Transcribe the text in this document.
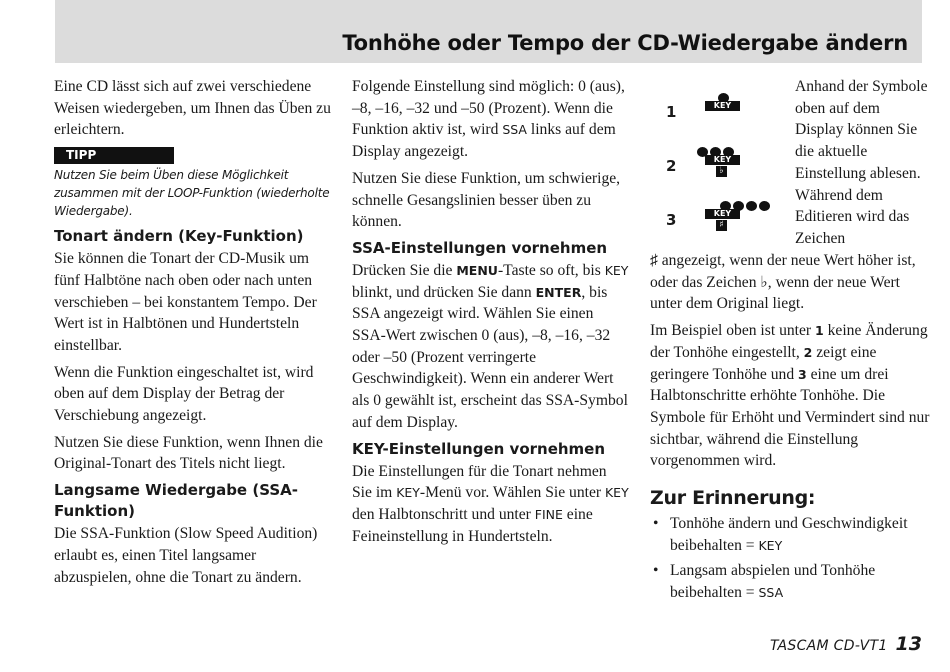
Tonhöhe oder Tempo der CD-Wiedergabe ändern

Eine CD lässt sich auf zwei verschiedene Weisen wiedergeben, um Ihnen das Üben zu erleichtern.

TIPP
Nutzen Sie beim Üben diese Möglichkeit zusammen mit der LOOP-Funktion (wiederholte Wiedergabe).
Tonart ändern (Key-Funktion)

Sie können die Tonart der CD-Musik um fünf Halbtöne nach oben oder nach unten verschieben – bei konstantem Tempo. Der Wert ist in Halbtönen und Hundertsteln einstellbar.

Wenn die Funktion eingeschaltet ist, wird oben auf dem Display der Betrag der Verschiebung angezeigt.

Nutzen Sie diese Funktion, wenn Ihnen die Original-Tonart des Titels nicht liegt.

Langsame Wiedergabe (SSA-Funktion)

Die SSA-Funktion (Slow Speed Audition) erlaubt es, einen Titel langsamer abzuspielen, ohne die Tonart zu ändern.

Folgende Einstellung sind möglich: 0 (aus), –8, –16, –32 und –50 (Prozent). Wenn die Funktion aktiv ist, wird SSA links auf dem Display angezeigt.

Nutzen Sie diese Funktion, um schwierige, schnelle Gesangslinien besser üben zu können.

SSA-Einstellungen vornehmen

Drücken Sie die MENU-Taste so oft, bis KEY blinkt, und drücken Sie dann ENTER, bis SSA angezeigt wird. Wählen Sie einen SSA-Wert zwischen 0 (aus), –8, –16, –32 oder –50 (Prozent verringerte Geschwindigkeit). Wenn ein anderer Wert als 0 gewählt ist, erscheint das SSA-Symbol auf dem Display.

KEY-Einstellungen vornehmen

Die Einstellungen für die Tonart nehmen Sie im KEY-Menü vor. Wählen Sie unter KEY den Halbtonschritt und unter FINE eine Feineinstellung in Hundertsteln.

1	KEY
2	KEY
♭
3	KEY
♯
Anhand der Symbole oben auf dem Display können Sie die aktuelle Einstellung ablesen. Während dem Editieren wird das Zeichen

♯ angezeigt, wenn der neue Wert höher ist, oder das Zeichen ♭, wenn der neue Wert unter dem Original liegt.

Im Beispiel oben ist unter 1 keine Änderung der Tonhöhe eingestellt, 2 zeigt eine geringere Tonhöhe und 3 eine um drei Halbtonschritte erhöhte Tonhöhe. Die Symbole für Erhöht und Vermindert sind nur sichtbar, während die Einstellung vorgenommen wird.

Zur Erinnerung:
• Tonhöhe ändern und Geschwindigkeit beibehalten = KEY
• Langsam abspielen und Tonhöhe beibehalten = SSA
TASCAM CD-VT1 13
